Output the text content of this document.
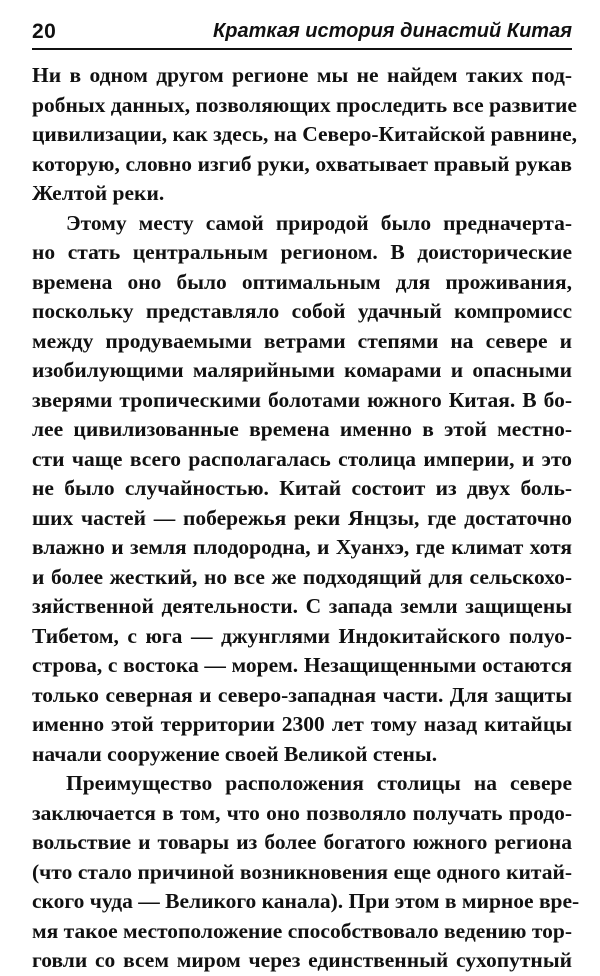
20	Краткая история династий Китая

Ни в одном другом регионе мы не найдем таких под-
робных данных, позволяющих проследить все развитие
цивилизации, как здесь, на Северо-Китайской равнине,
которую, словно изгиб руки, охватывает правый рукав
Желтой реки.

Этому месту самой природой было предначерта-
но стать центральным регионом. В доисторические
времена оно было оптимальным для проживания,
поскольку представляло собой удачный компромисс
между продуваемыми ветрами степями на севере и
изобилующими малярийными комарами и опасными
зверями тропическими болотами южного Китая. В бо-
лее цивилизованные времена именно в этой местно-
сти чаще всего располагалась столица империи, и это
не было случайностью. Китай состоит из двух боль-
ших частей — побережья реки Янцзы, где достаточно
влажно и земля плодородна, и Хуанхэ, где климат хотя
и более жесткий, но все же подходящий для сельскохо-
зяйственной деятельности. С запада земли защищены
Тибетом, с юга — джунглями Индокитайского полуо-
строва, с востока — морем. Незащищенными остаются
только северная и северо-западная части. Для защиты
именно этой территории 2300 лет тому назад китайцы
начали сооружение своей Великой стены.

Преимущество расположения столицы на севере
заключается в том, что оно позволяло получать продо-
вольствие и товары из более богатого южного региона
(что стало причиной возникновения еще одного китай-
ского чуда — Великого канала). При этом в мирное вре-
мя такое местоположение способствовало ведению тор-
говли со всем миром через единственный сухопутный
